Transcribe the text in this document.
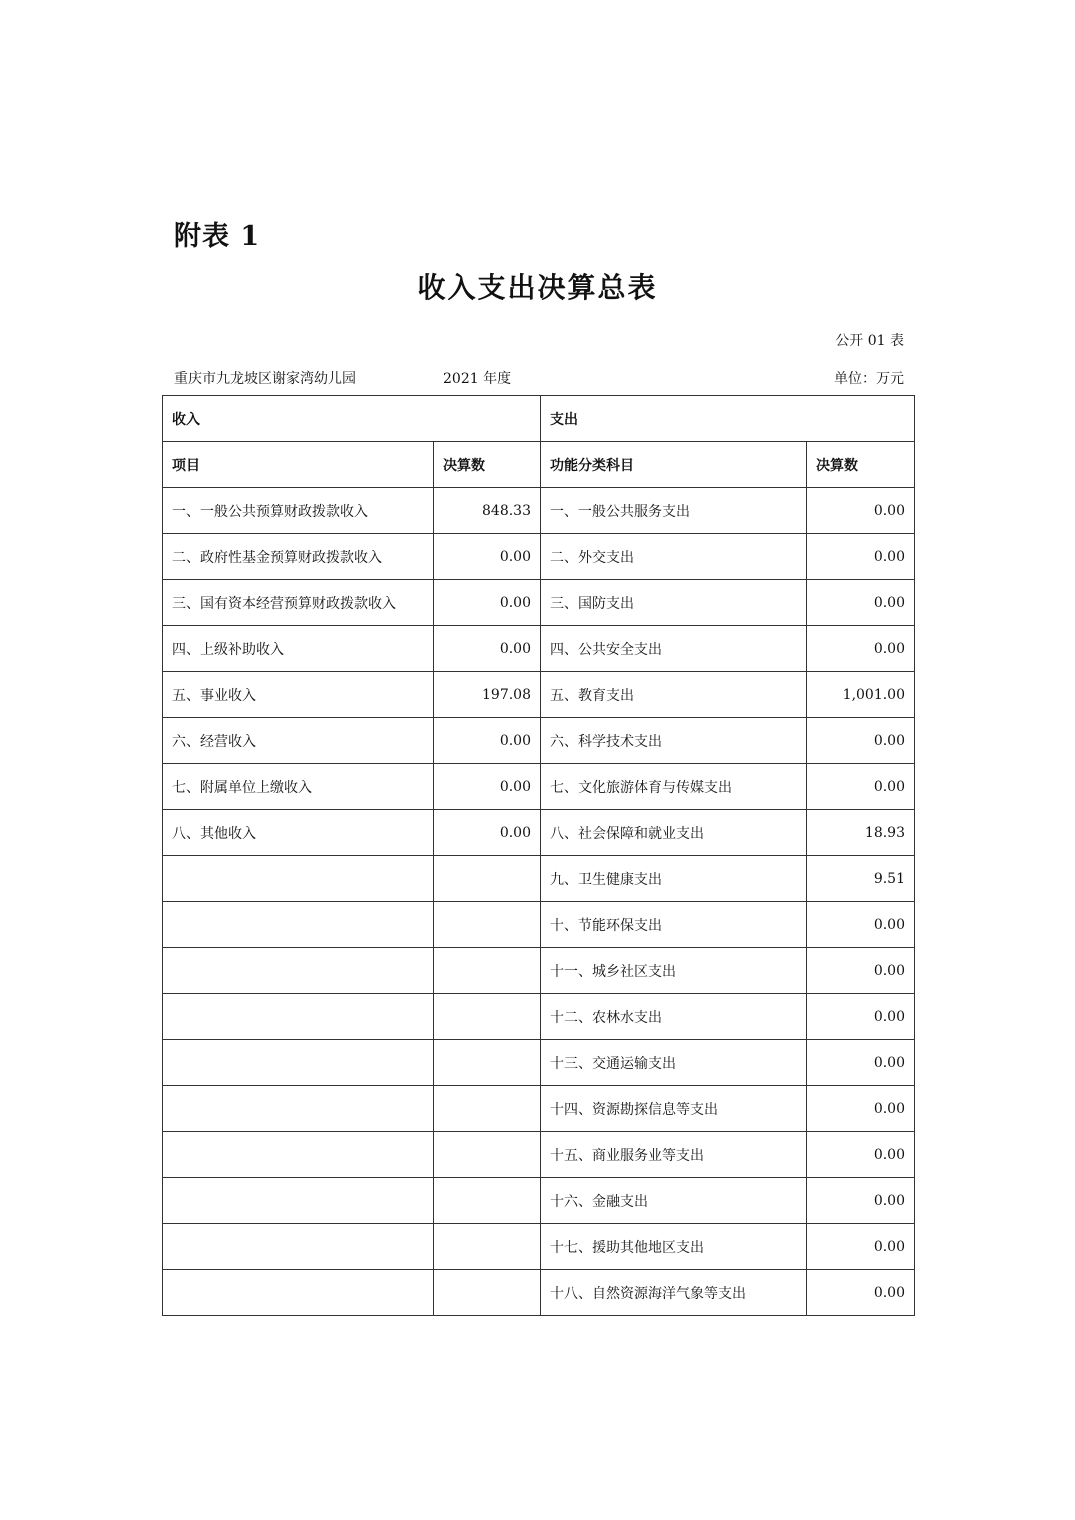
附表 1
收入支出决算总表
公开 01 表
重庆市九龙坡区谢家湾幼儿园	2021 年度	单位：万元
收入		支出	
项目	决算数	功能分类科目	决算数
一、一般公共预算财政拨款收入	848.33	一、一般公共服务支出	0.00
二、政府性基金预算财政拨款收入	0.00	二、外交支出	0.00
三、国有资本经营预算财政拨款收入	0.00	三、国防支出	0.00
四、上级补助收入	0.00	四、公共安全支出	0.00
五、事业收入	197.08	五、教育支出	1,001.00
六、经营收入	0.00	六、科学技术支出	0.00
七、附属单位上缴收入	0.00	七、文化旅游体育与传媒支出	0.00
八、其他收入	0.00	八、社会保障和就业支出	18.93
		九、卫生健康支出	9.51
		十、节能环保支出	0.00
		十一、城乡社区支出	0.00
		十二、农林水支出	0.00
		十三、交通运输支出	0.00
		十四、资源勘探信息等支出	0.00
		十五、商业服务业等支出	0.00
		十六、金融支出	0.00
		十七、援助其他地区支出	0.00
		十八、自然资源海洋气象等支出	0.00
